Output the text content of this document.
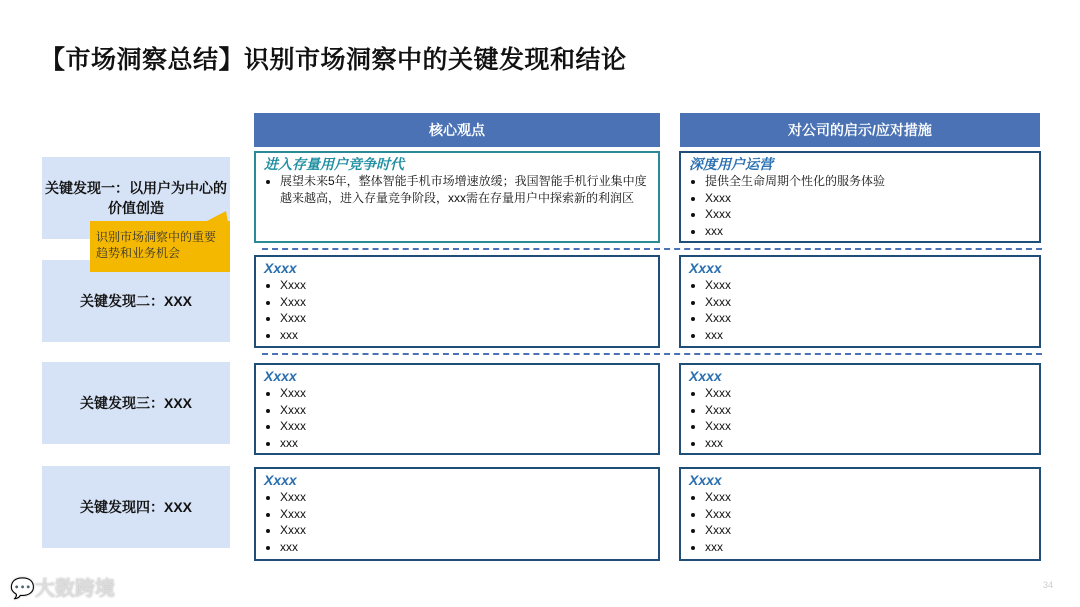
【市场洞察总结】识别市场洞察中的关键发现和结论
核心观点	对公司的启示/应对措施
关键发现一：以用户为中心的价值创造
进入存量用户竞争时代
• 展望未来5年，整体智能手机市场增速放缓；我国智能手机行业集中度越来越高，进入存量竞争阶段，xxx需在存量用户中探索新的利润区
深度用户运营
• 提供全生命周期个性化的服务体验
• Xxxx
• Xxxx
• xxx
关键发现二：XXX
Xxxx
• Xxxx
• Xxxx
• Xxxx
• xxx
Xxxx
• Xxxx
• Xxxx
• Xxxx
• xxx
关键发现三：XXX
Xxxx
• Xxxx
• Xxxx
• Xxxx
• xxx
Xxxx
• Xxxx
• Xxxx
• Xxxx
• xxx
关键发现四：XXX
Xxxx
• Xxxx
• Xxxx
• Xxxx
• xxx
Xxxx
• Xxxx
• Xxxx
• Xxxx
• xxx
识别市场洞察中的重要趋势和业务机会
💬大数跨境	34
